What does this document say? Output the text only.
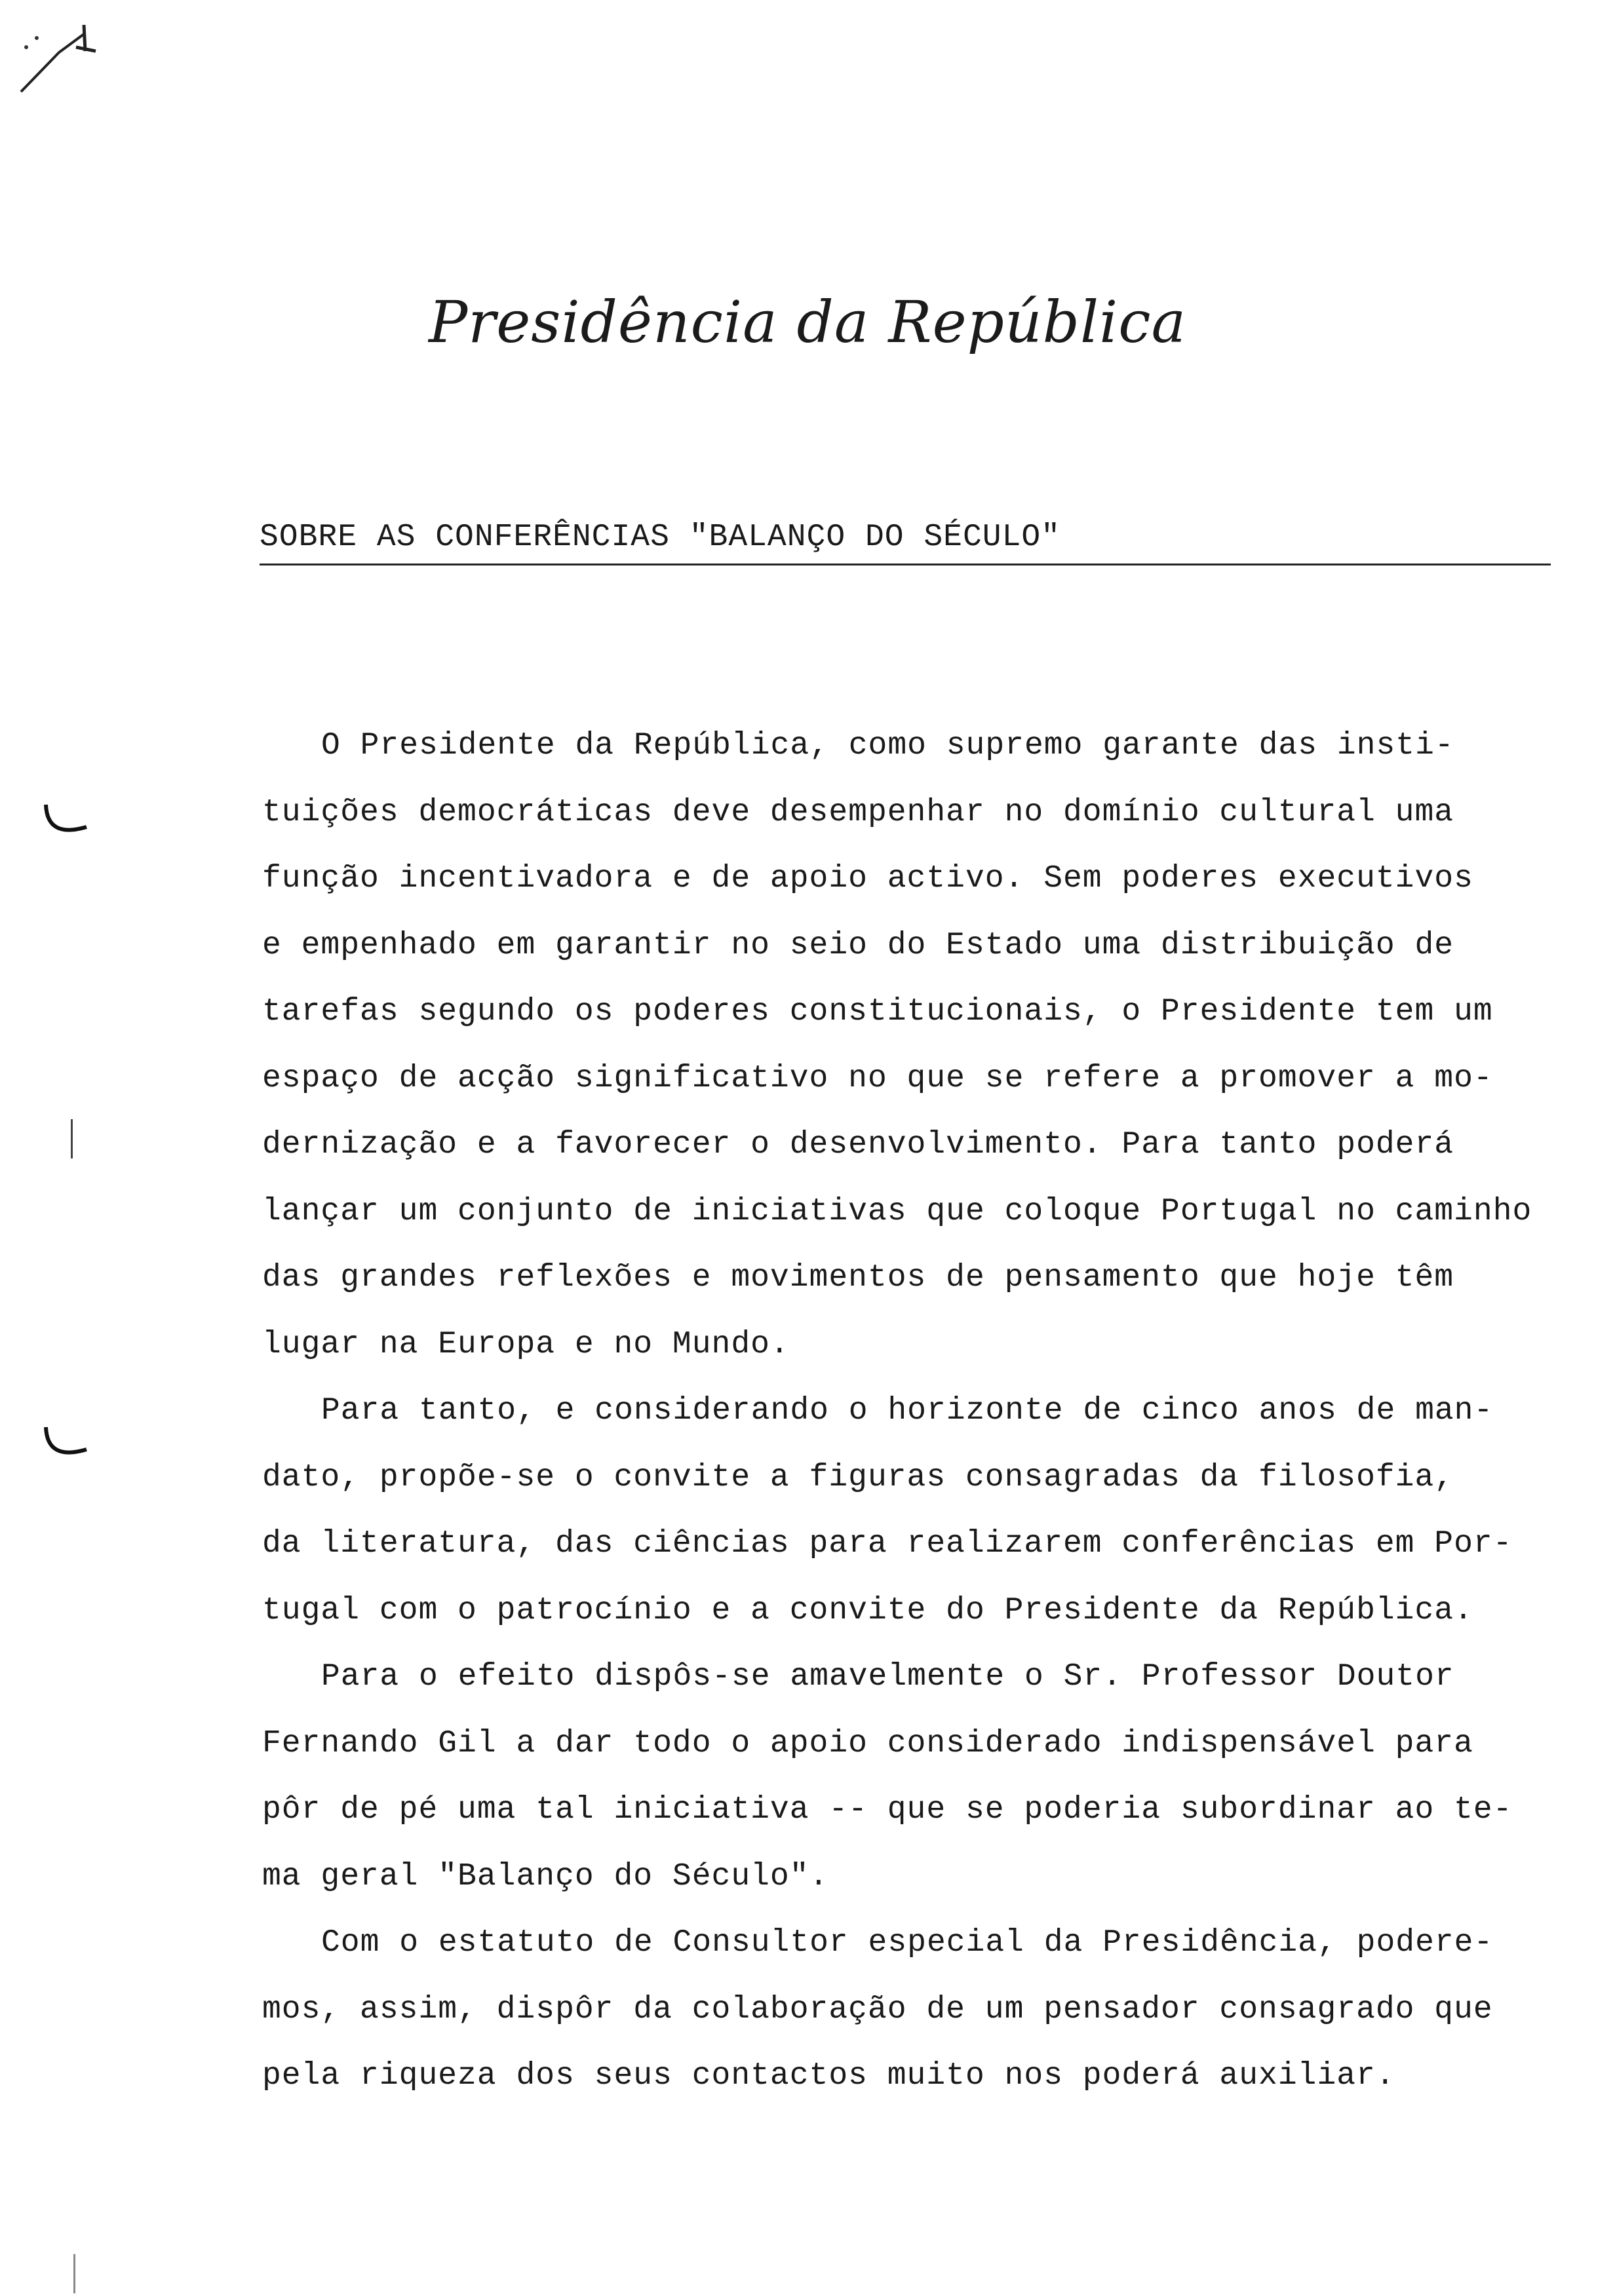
Presidência da República
SOBRE AS CONFERÊNCIAS "BALANÇO DO SÉCULO"
O Presidente da República, como supremo garante das insti-
tuições democráticas deve desempenhar no domínio cultural uma
função incentivadora e de apoio activo. Sem poderes executivos
e empenhado em garantir no seio do Estado uma distribuição de
tarefas segundo os poderes constitucionais, o Presidente tem um
espaço de acção significativo no que se refere a promover a mo-
dernização e a favorecer o desenvolvimento. Para tanto poderá
lançar um conjunto de iniciativas que coloque Portugal no caminho
das grandes reflexões e movimentos de pensamento que hoje têm
lugar na Europa e no Mundo.
Para tanto, e considerando o horizonte de cinco anos de man-
dato, propõe-se o convite a figuras consagradas da filosofia,
da literatura, das ciências para realizarem conferências em Por-
tugal com o patrocínio e a convite do Presidente da República.
Para o efeito dispôs-se amavelmente o Sr. Professor Doutor
Fernando Gil a dar todo o apoio considerado indispensável para
pôr de pé uma tal iniciativa -- que se poderia subordinar ao te-
ma geral "Balanço do Século".
Com o estatuto de Consultor especial da Presidência, podere-
mos, assim, dispôr da colaboração de um pensador consagrado que
pela riqueza dos seus contactos muito nos poderá auxiliar.
